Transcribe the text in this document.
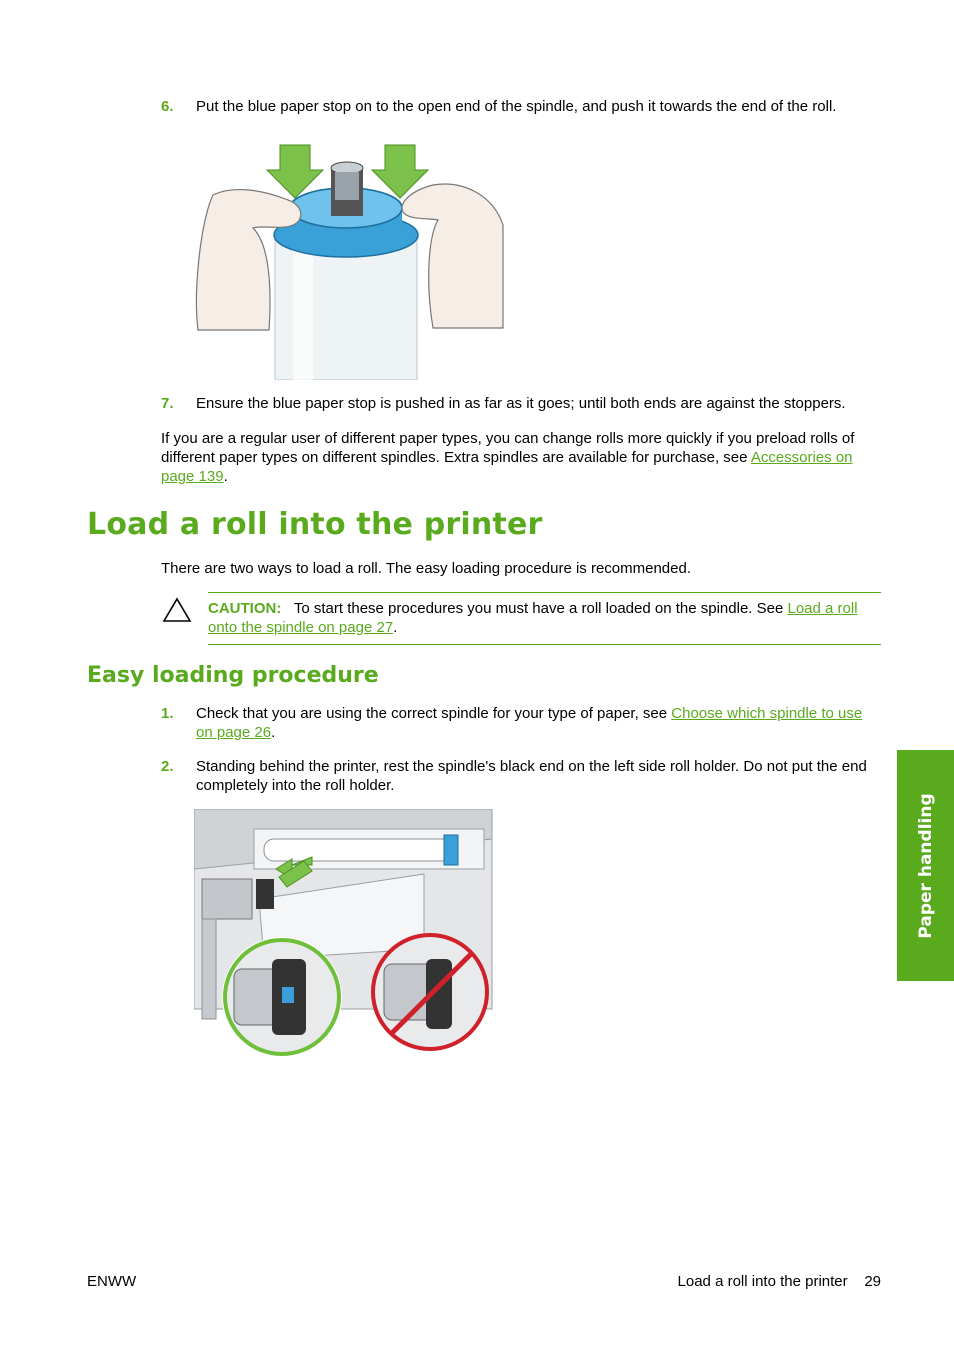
6. Put the blue paper stop on to the open end of the spindle, and push it towards the end of the roll.
7. Ensure the blue paper stop is pushed in as far as it goes; until both ends are against the stoppers.
If you are a regular user of different paper types, you can change rolls more quickly if you preload rolls of different paper types on different spindles. Extra spindles are available for purchase, see Accessories on page 139.
Load a roll into the printer
There are two ways to load a roll. The easy loading procedure is recommended.
CAUTION: To start these procedures you must have a roll loaded on the spindle. See Load a roll onto the spindle on page 27.
Easy loading procedure
1. Check that you are using the correct spindle for your type of paper, see Choose which spindle to use on page 26.
2. Standing behind the printer, rest the spindle's black end on the left side roll holder. Do not put the end completely into the roll holder.
Paper handling
ENWW	Load a roll into the printer 29
